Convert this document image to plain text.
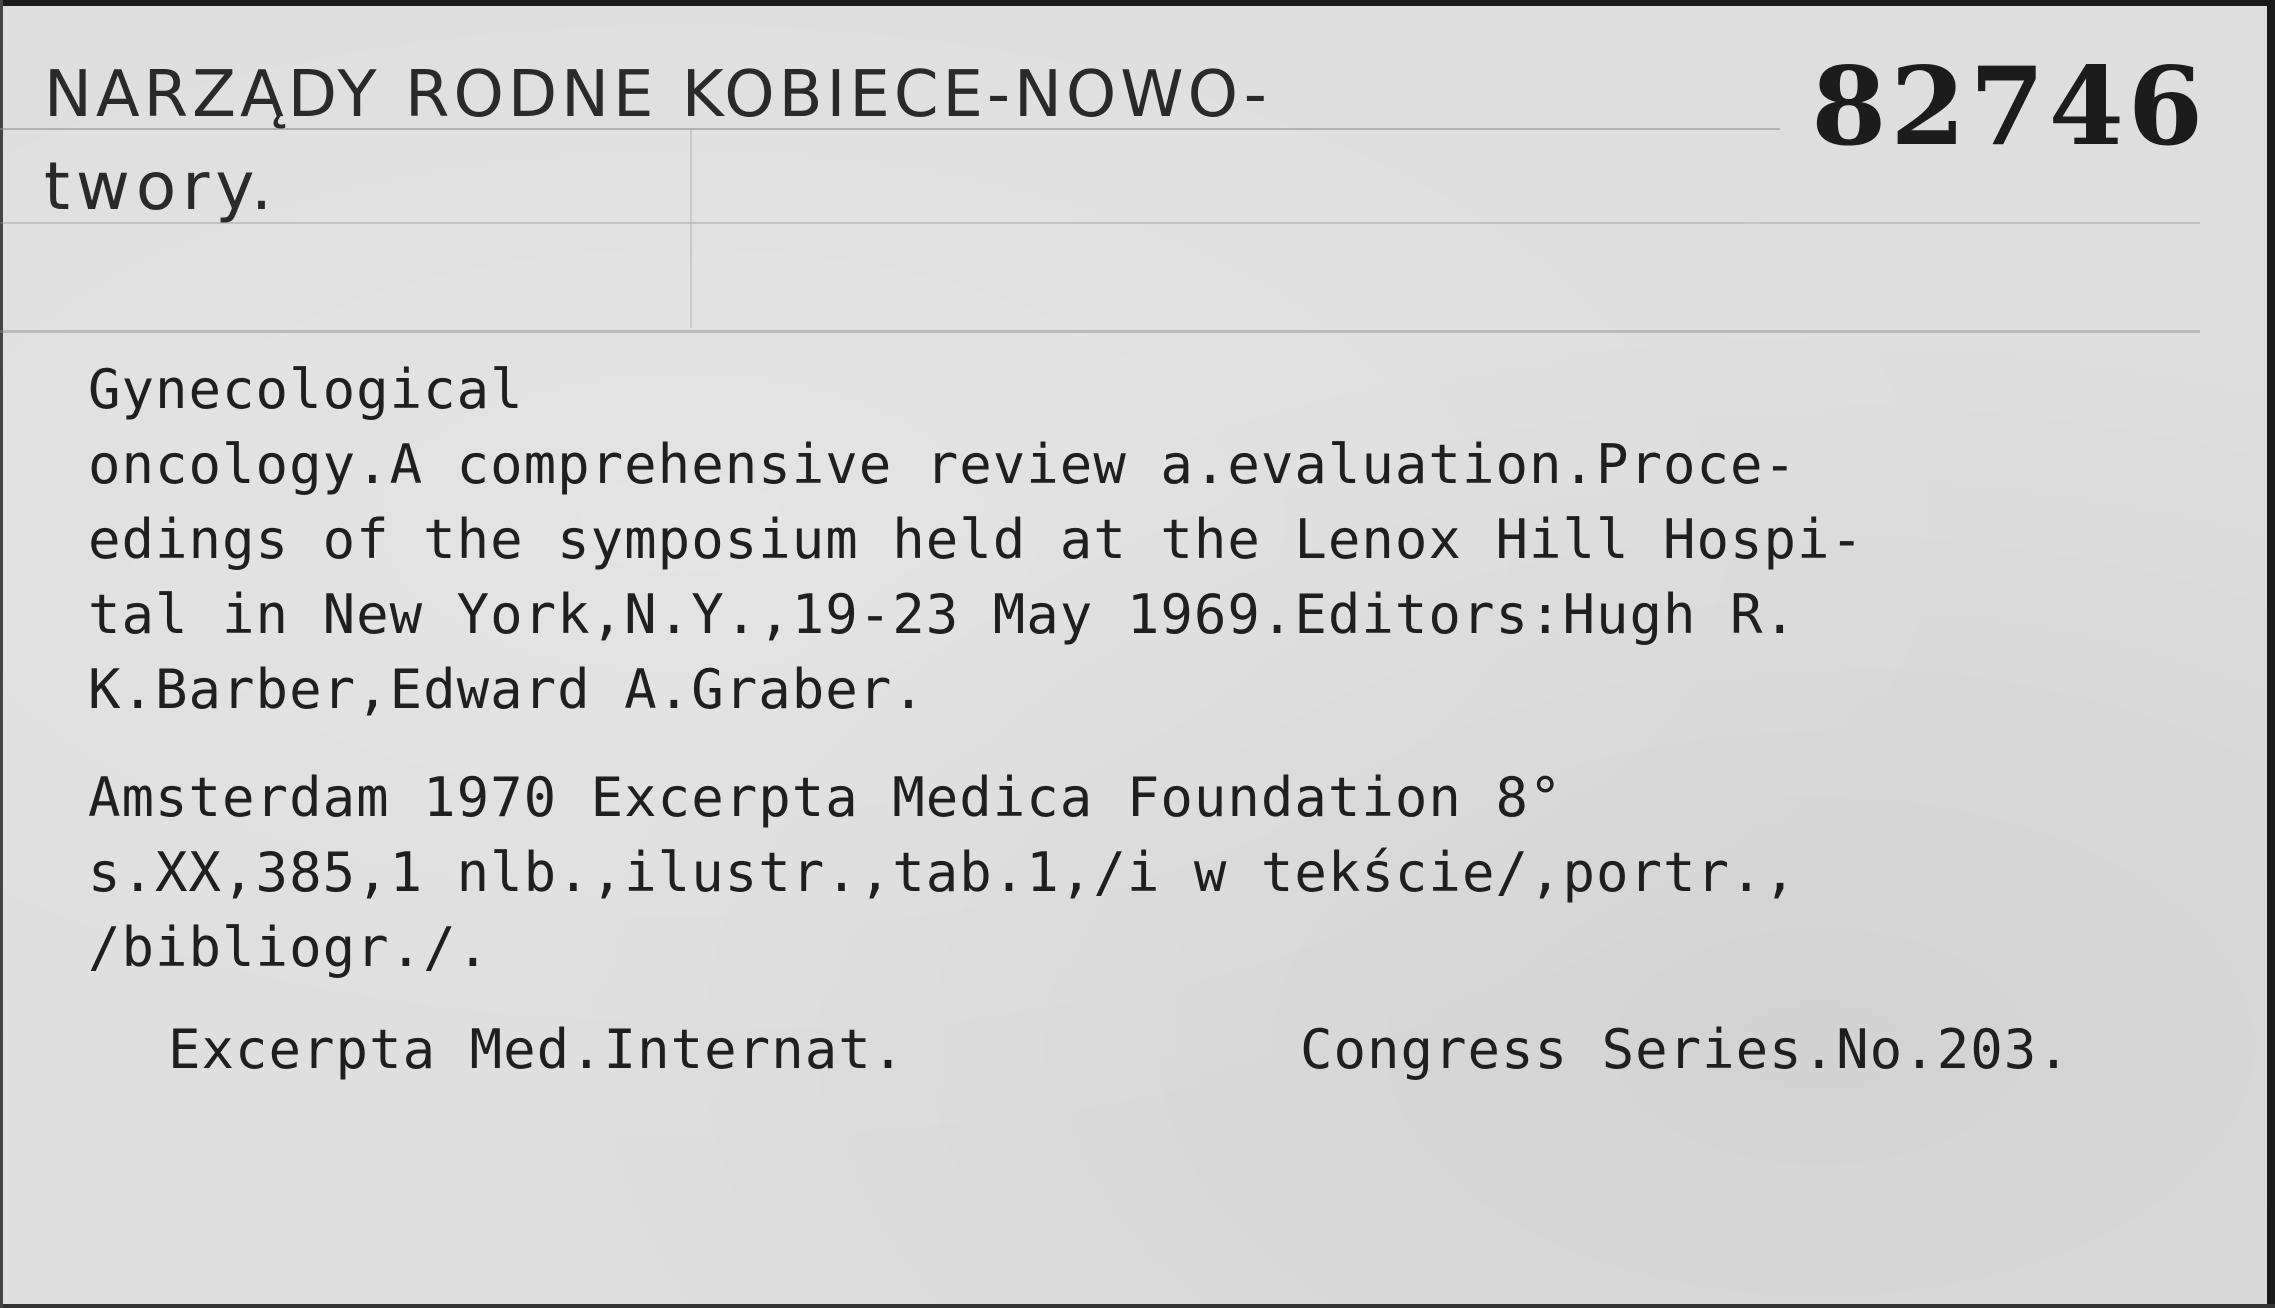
NARZĄDY RODNE KOBIECE-NOWO-
twory.
82746
Gynecological
oncology.A comprehensive review a.evaluation.Proce-
edings of the symposium held at the Lenox Hill Hospi-
tal in New York,N.Y.,19-23 May 1969.Editors:Hugh R.
K.Barber,Edward A.Graber.
Amsterdam 1970 Excerpta Medica Foundation 8°
s.XX,385,1 nlb.,ilustr.,tab.1,/i w tekście/,portr.,
/bibliogr./.
Excerpta Med.Internat.	Congress Series.No.203.
